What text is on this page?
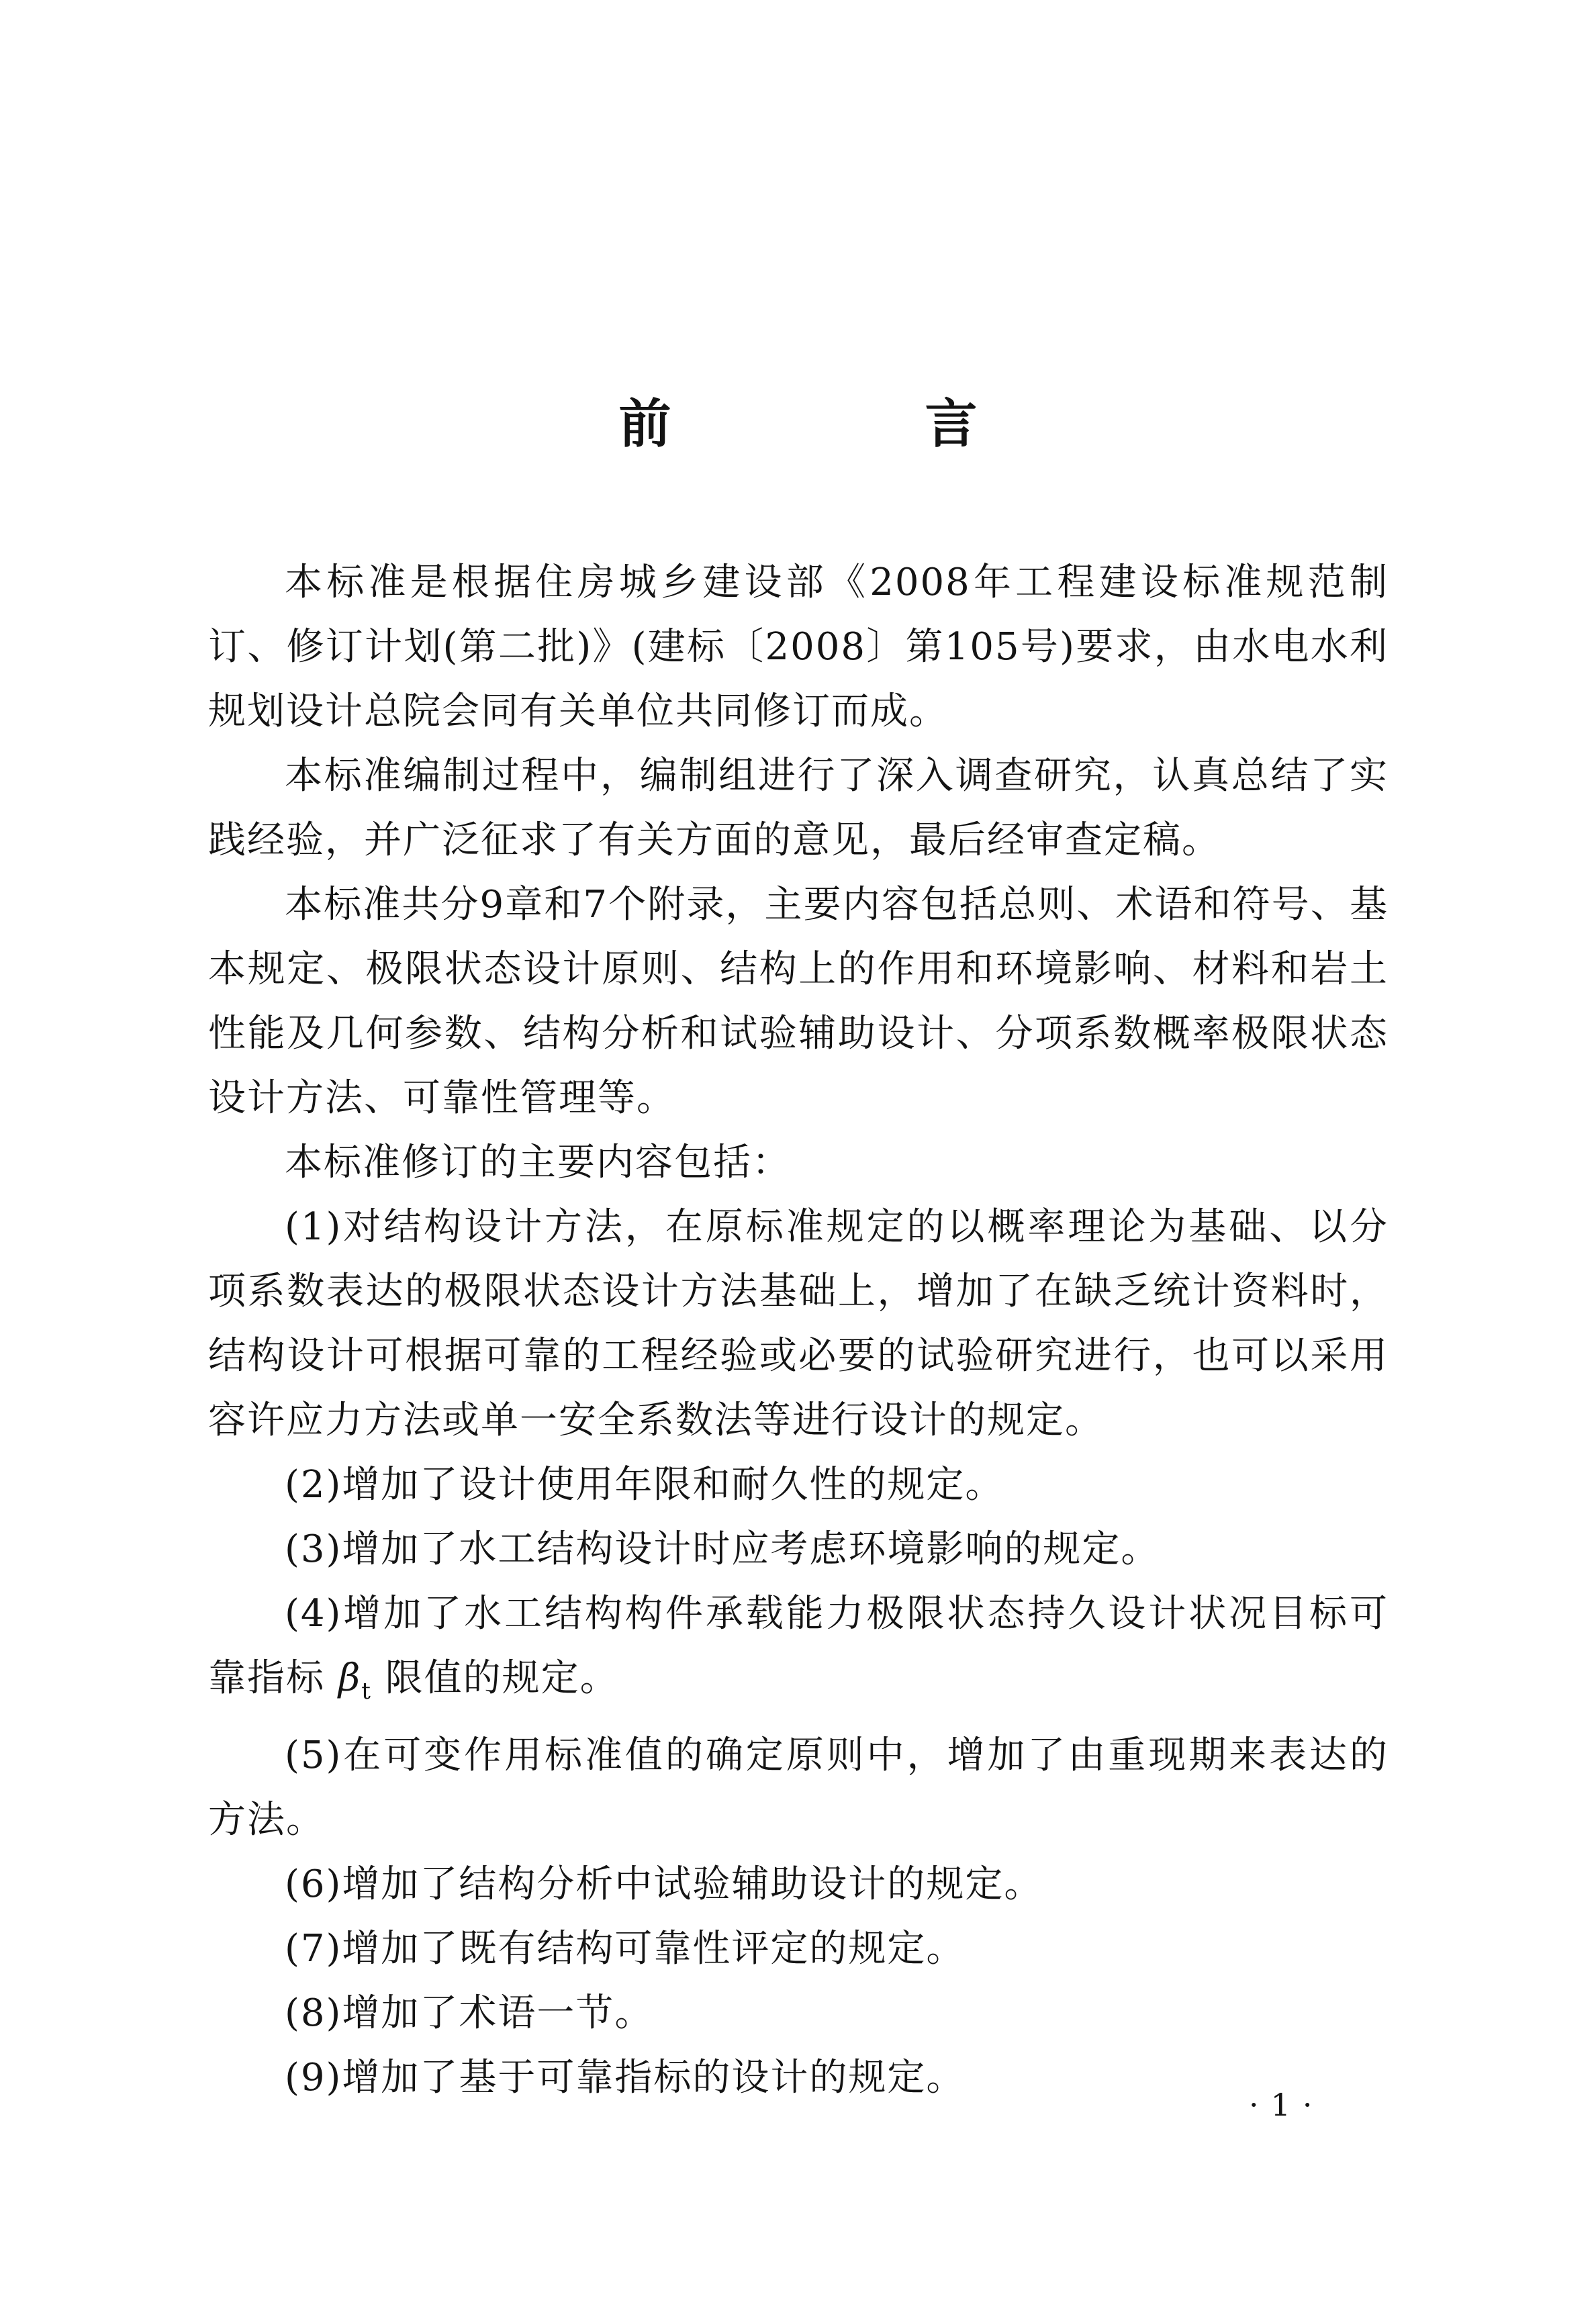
前　言

本标准是根据住房城乡建设部《2008年工程建设标准规范制订、修订计划(第二批)》(建标〔2008〕第105号)要求，由水电水利规划设计总院会同有关单位共同修订而成。

本标准编制过程中，编制组进行了深入调查研究，认真总结了实践经验，并广泛征求了有关方面的意见，最后经审查定稿。

本标准共分9章和7个附录，主要内容包括总则、术语和符号、基本规定、极限状态设计原则、结构上的作用和环境影响、材料和岩土性能及几何参数、结构分析和试验辅助设计、分项系数概率极限状态设计方法、可靠性管理等。

本标准修订的主要内容包括：

(1)对结构设计方法，在原标准规定的以概率理论为基础、以分项系数表达的极限状态设计方法基础上，增加了在缺乏统计资料时，结构设计可根据可靠的工程经验或必要的试验研究进行，也可以采用容许应力方法或单一安全系数法等进行设计的规定。

(2)增加了设计使用年限和耐久性的规定。

(3)增加了水工结构设计时应考虑环境影响的规定。

(4)增加了水工结构构件承载能力极限状态持久设计状况目标可靠指标 $\beta_t$ 限值的规定。

(5)在可变作用标准值的确定原则中，增加了由重现期来表达的方法。

(6)增加了结构分析中试验辅助设计的规定。

(7)增加了既有结构可靠性评定的规定。

(8)增加了术语一节。

(9)增加了基于可靠指标的设计的规定。

·1·
